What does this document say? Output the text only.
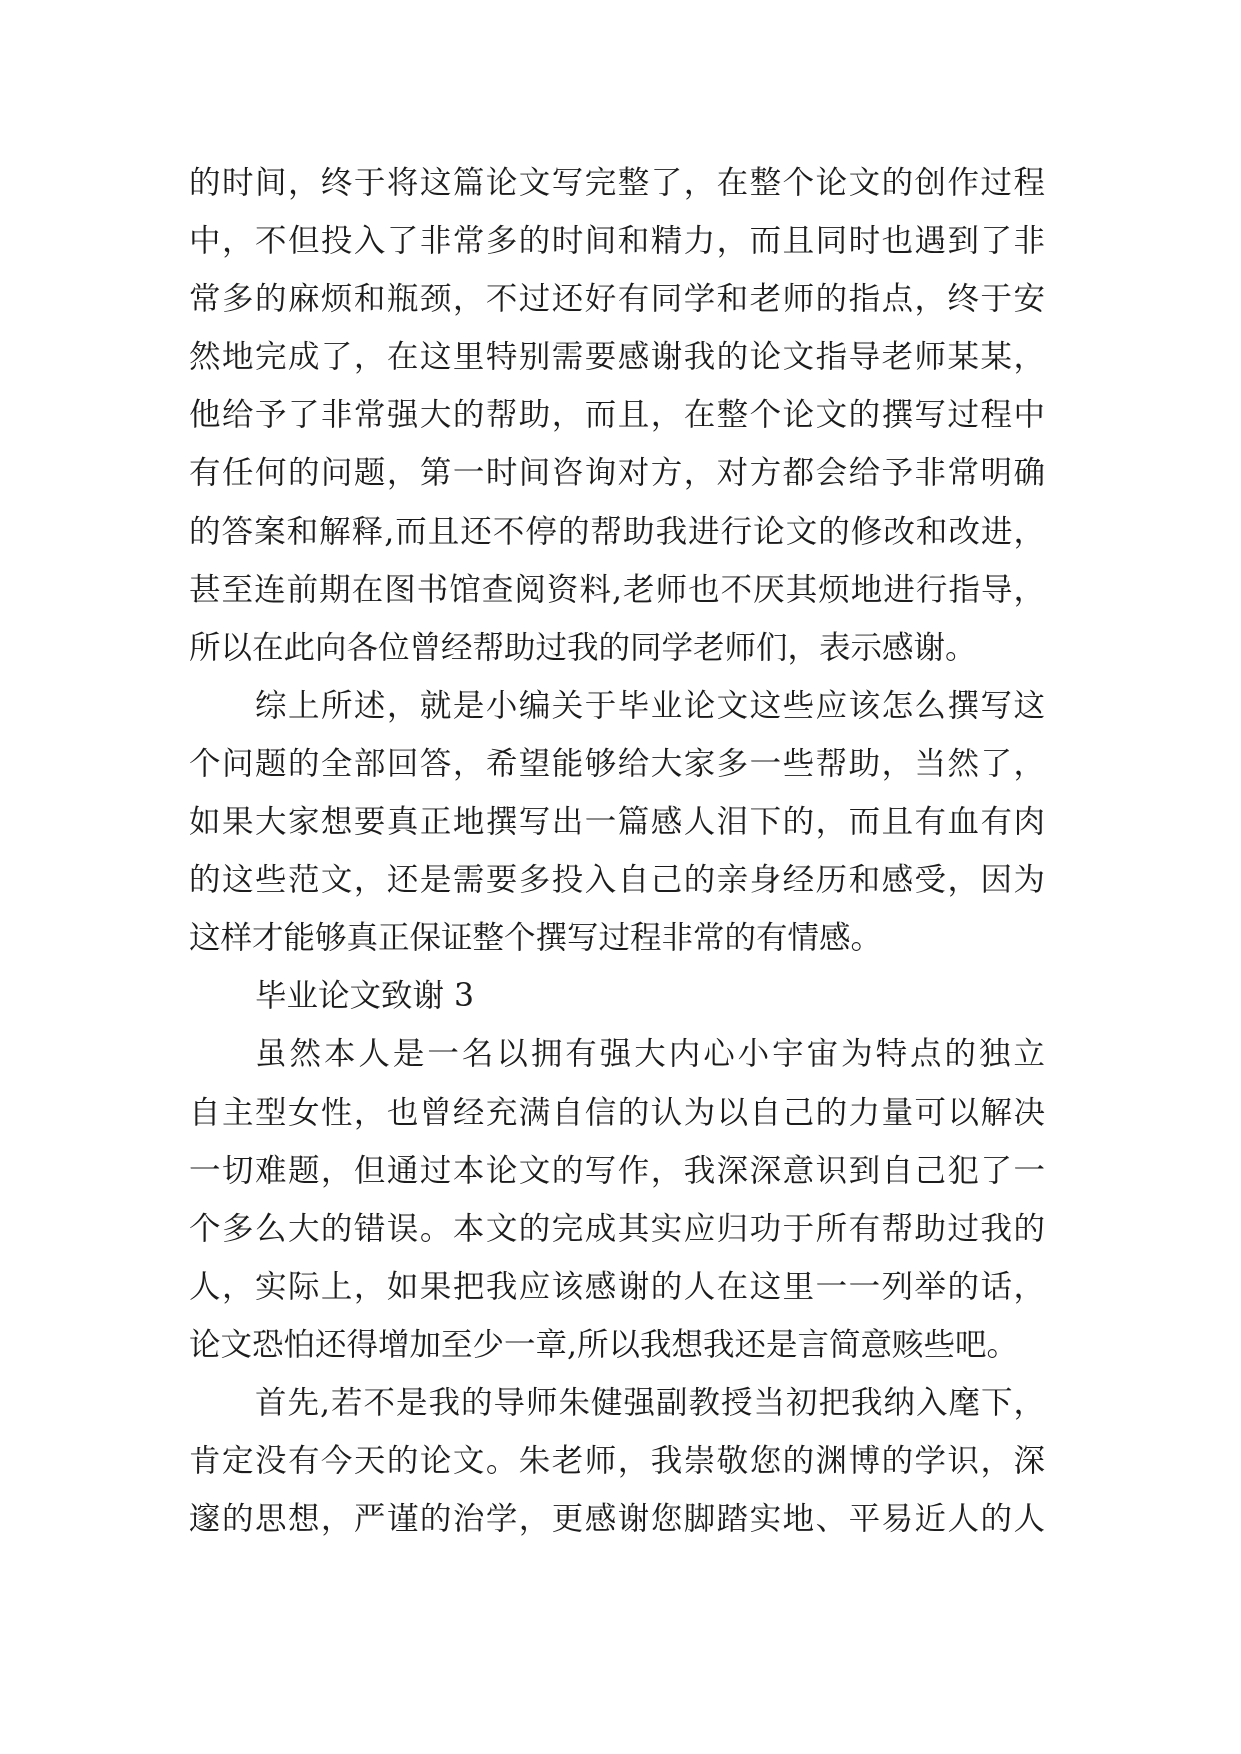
的时间，终于将这篇论文写完整了，在整个论文的创作过程
中，不但投入了非常多的时间和精力，而且同时也遇到了非
常多的麻烦和瓶颈，不过还好有同学和老师的指点，终于安
然地完成了，在这里特别需要感谢我的论文指导老师某某，
他给予了非常强大的帮助，而且，在整个论文的撰写过程中
有任何的问题，第一时间咨询对方，对方都会给予非常明确
的答案和解释,而且还不停的帮助我进行论文的修改和改进，
甚至连前期在图书馆查阅资料,老师也不厌其烦地进行指导，
所以在此向各位曾经帮助过我的同学老师们，表示感谢。
综上所述，就是小编关于毕业论文这些应该怎么撰写这
个问题的全部回答，希望能够给大家多一些帮助，当然了，
如果大家想要真正地撰写出一篇感人泪下的，而且有血有肉
的这些范文，还是需要多投入自己的亲身经历和感受，因为
这样才能够真正保证整个撰写过程非常的有情感。
毕业论文致谢 3
虽然本人是一名以拥有强大内心小宇宙为特点的独立
自主型女性，也曾经充满自信的认为以自己的力量可以解决
一切难题，但通过本论文的写作，我深深意识到自己犯了一
个多么大的错误。本文的完成其实应归功于所有帮助过我的
人，实际上，如果把我应该感谢的人在这里一一列举的话，
论文恐怕还得增加至少一章,所以我想我还是言简意赅些吧。
首先,若不是我的导师朱健强副教授当初把我纳入麾下，
肯定没有今天的论文。朱老师，我崇敬您的渊博的学识，深
邃的思想，严谨的治学，更感谢您脚踏实地、平易近人的人
